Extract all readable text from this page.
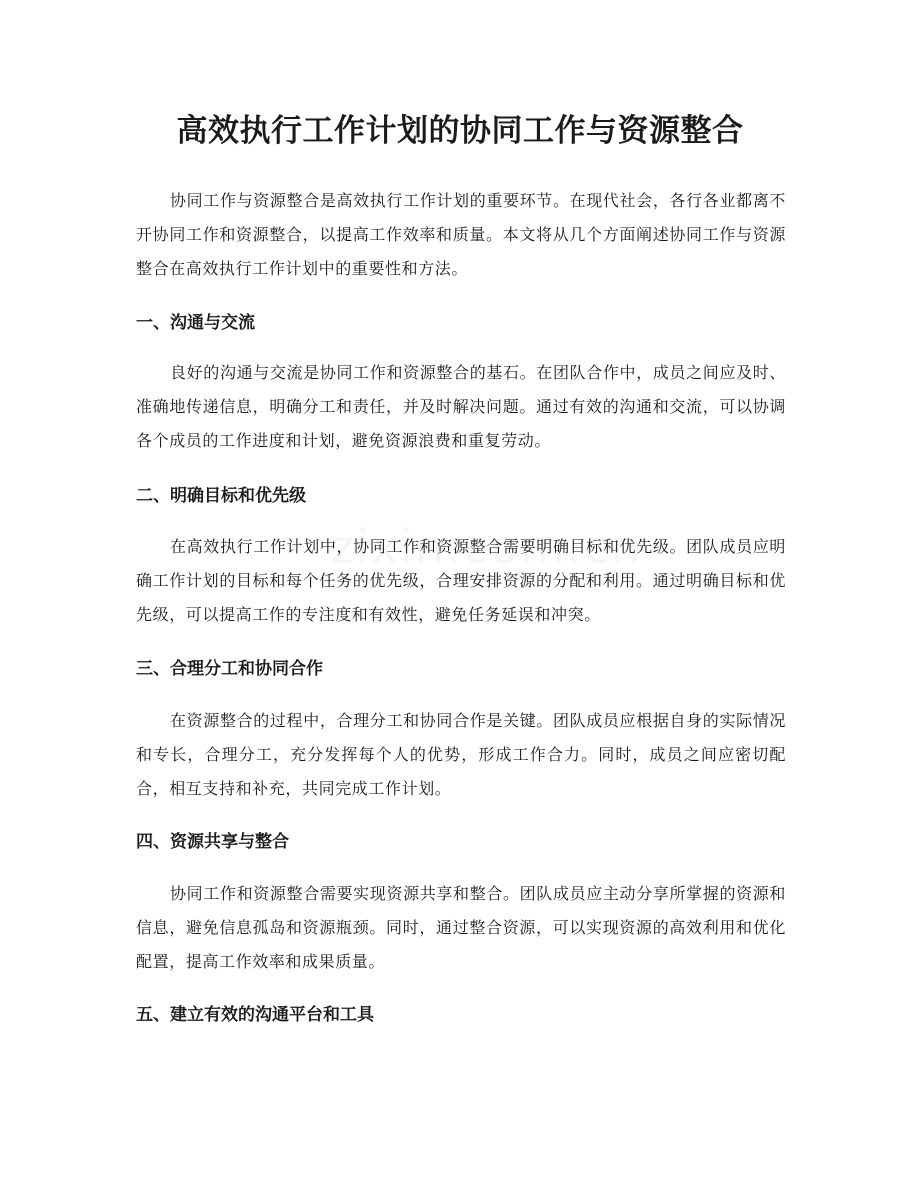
高效执行工作计划的协同工作与资源整合

协同工作与资源整合是高效执行工作计划的重要环节。在现代社会，各行各业都离不开协同工作和资源整合，以提高工作效率和质量。本文将从几个方面阐述协同工作与资源整合在高效执行工作计划中的重要性和方法。

一、沟通与交流

良好的沟通与交流是协同工作和资源整合的基石。在团队合作中，成员之间应及时、准确地传递信息，明确分工和责任，并及时解决问题。通过有效的沟通和交流，可以协调各个成员的工作进度和计划，避免资源浪费和重复劳动。

二、明确目标和优先级

在高效执行工作计划中，协同工作和资源整合需要明确目标和优先级。团队成员应明确工作计划的目标和每个任务的优先级，合理安排资源的分配和利用。通过明确目标和优先级，可以提高工作的专注度和有效性，避免任务延误和冲突。

三、合理分工和协同合作

在资源整合的过程中，合理分工和协同合作是关键。团队成员应根据自身的实际情况和专长，合理分工，充分发挥每个人的优势，形成工作合力。同时，成员之间应密切配合，相互支持和补充，共同完成工作计划。

四、资源共享与整合

协同工作和资源整合需要实现资源共享和整合。团队成员应主动分享所掌握的资源和信息，避免信息孤岛和资源瓶颈。同时，通过整合资源，可以实现资源的高效利用和优化配置，提高工作效率和成果质量。

五、建立有效的沟通平台和工具
